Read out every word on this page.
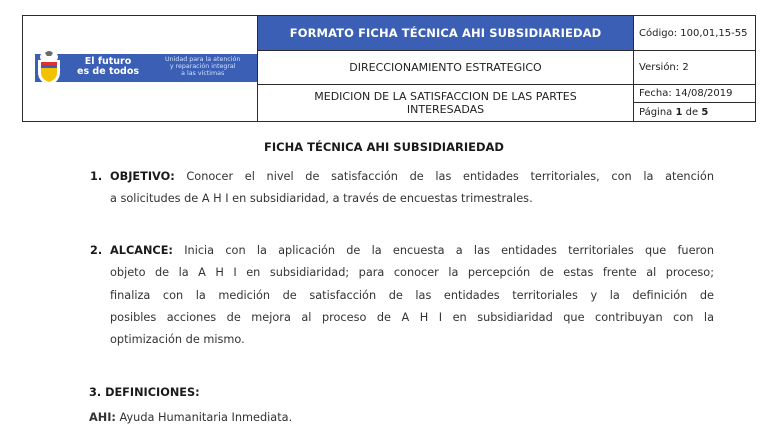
El futuro
es de todos
Unidad para la atención
y reparación integral
a las víctimas
FORMATO FICHA TÉCNICA AHI SUBSIDIARIEDAD
DIRECCIONAMIENTO ESTRATEGICO
MEDICION DE LA SATISFACCION DE LAS PARTES
INTERESADAS
Código: 100,01,15-55
Versión: 2
Fecha: 14/08/2019
Página
1
de
5
FICHA TÉCNICA AHI SUBSIDIARIEDAD
1. OBJETIVO: Conocer el nivel de satisfacción de las entidades territoriales, con la atención
a solicitudes de A H I en subsidiaridad, a través de encuestas trimestrales.
2. ALCANCE: Inicia con la aplicación de la encuesta a las entidades territoriales que fueron
objeto de la A H I en subsidiaridad; para conocer la percepción de estas frente al proceso;
finaliza con la medición de satisfacción de las entidades territoriales y la definición de
posibles acciones de mejora al proceso de A H I en subsidiaridad que contribuyan con la
optimización de mismo.
3. DEFINICIONES:
AHI: Ayuda Humanitaria Inmediata.
